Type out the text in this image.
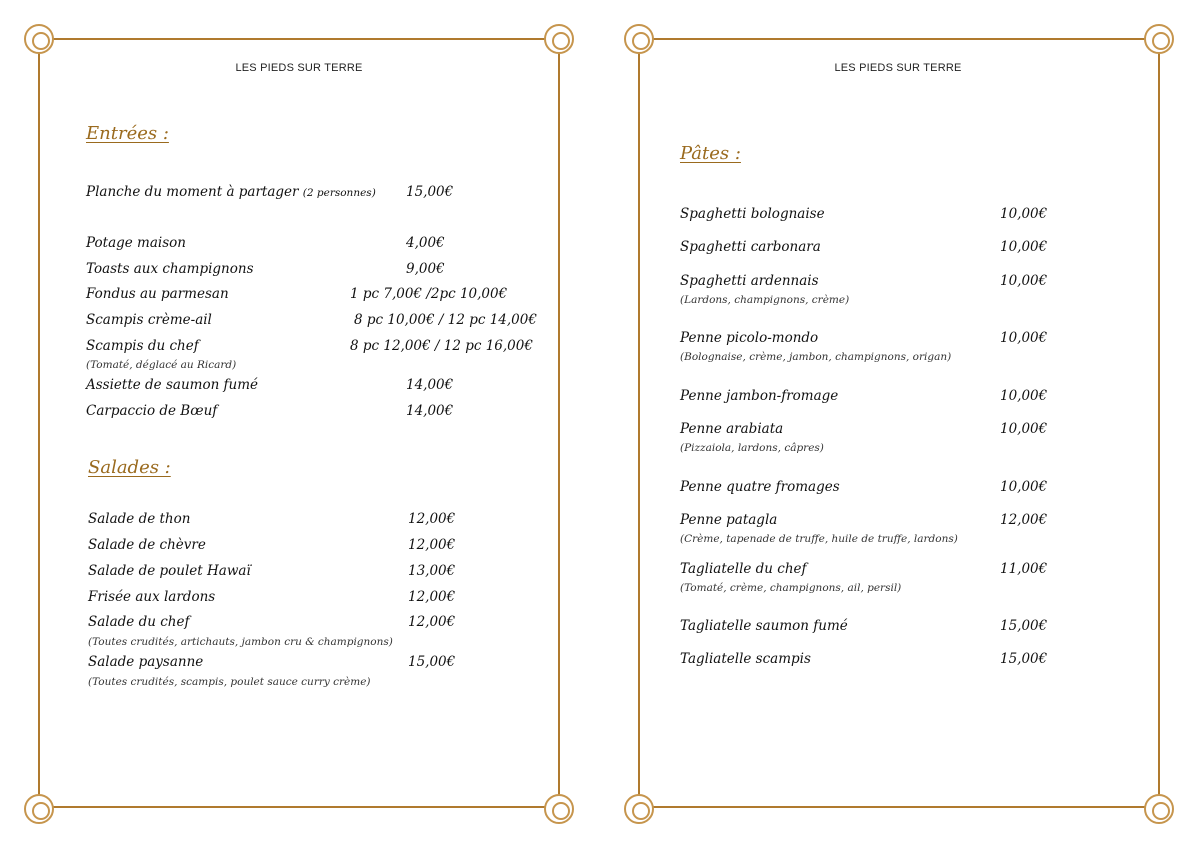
LES PIEDS SUR TERRE
Entrées :
Planche du moment à partager (2 personnes) 15,00€
Potage maison	4,00€
Toasts aux champignons	9,00€
Fondus au parmesan	1 pc 7,00€ /2pc 10,00€
Scampis crème-ail	8 pc 10,00€ / 12 pc 14,00€
Scampis du chef	8 pc 12,00€ / 12 pc 16,00€
(Tomaté, déglacé au Ricard)
Assiette de saumon fumé	14,00€
Carpaccio de Bœuf	14,00€
Salades :
Salade de thon	12,00€
Salade de chèvre	12,00€
Salade de poulet Hawaï	13,00€
Frisée aux lardons	12,00€
Salade du chef	12,00€
(Toutes crudités, artichauts, jambon cru & champignons)
Salade paysanne	15,00€
(Toutes crudités, scampis, poulet sauce curry crème)
LES PIEDS SUR TERRE
Pâtes :
Spaghetti bolognaise	10,00€
Spaghetti carbonara	10,00€
Spaghetti ardennais	10,00€
(Lardons, champignons, crème)
Penne picolo-mondo	10,00€
(Bolognaise, crème, jambon, champignons, origan)
Penne jambon-fromage	10,00€
Penne arabiata	10,00€
(Pizzaiola, lardons, câpres)
Penne quatre fromages	10,00€
Penne patagla	12,00€
(Crème, tapenade de truffe, huile de truffe, lardons)
Tagliatelle du chef	11,00€
(Tomaté, crème, champignons, ail, persil)
Tagliatelle saumon fumé	15,00€
Tagliatelle scampis	15,00€
